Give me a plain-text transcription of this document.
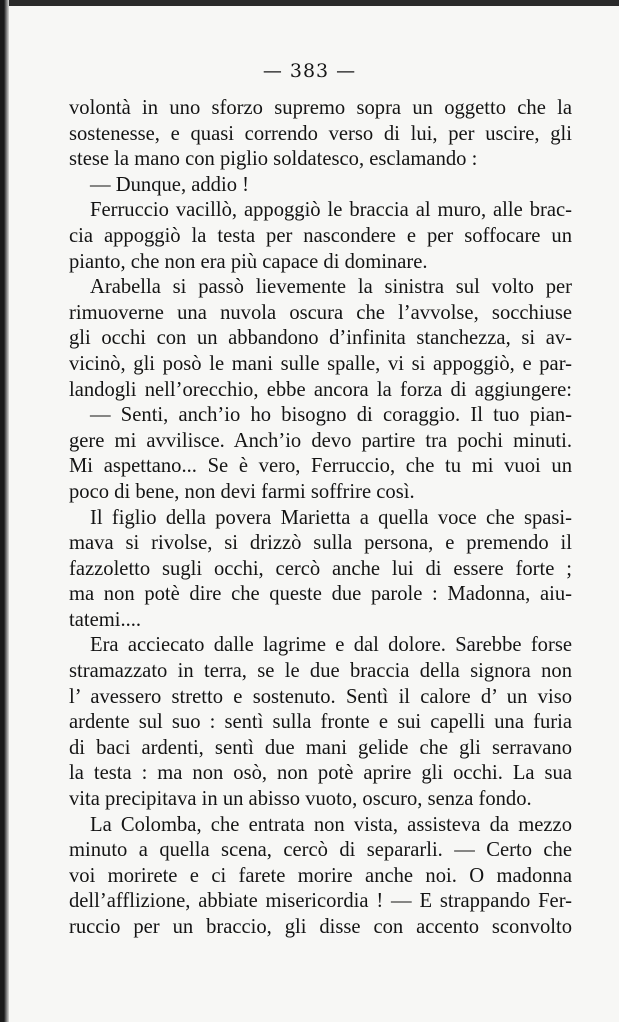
— 383 —
volontà in uno sforzo supremo sopra un oggetto che la
sostenesse, e quasi correndo verso di lui, per uscire, gli
stese la mano con piglio soldatesco, esclamando :
— Dunque, addio !
Ferruccio vacillò, appoggiò le braccia al muro, alle brac-
cia appoggiò la testa per nascondere e per soffocare un
pianto, che non era più capace di dominare.
Arabella si passò lievemente la sinistra sul volto per
rimuoverne una nuvola oscura che l’avvolse, socchiuse
gli occhi con un abbandono d’infinita stanchezza, si av-
vicinò, gli posò le mani sulle spalle, vi si appoggiò, e par-
landogli nell’orecchio, ebbe ancora la forza di aggiungere:
— Senti, anch’io ho bisogno di coraggio. Il tuo pian-
gere mi avvilisce. Anch’io devo partire tra pochi minuti.
Mi aspettano... Se è vero, Ferruccio, che tu mi vuoi un
poco di bene, non devi farmi soffrire così.
Il figlio della povera Marietta a quella voce che spasi-
mava si rivolse, si drizzò sulla persona, e premendo il
fazzoletto sugli occhi, cercò anche lui di essere forte ;
ma non potè dire che queste due parole : Madonna, aiu-
tatemi....
Era acciecato dalle lagrime e dal dolore. Sarebbe forse
stramazzato in terra, se le due braccia della signora non
l’ avessero stretto e sostenuto. Sentì il calore d’ un viso
ardente sul suo : sentì sulla fronte e sui capelli una furia
di baci ardenti, sentì due mani gelide che gli serravano
la testa : ma non osò, non potè aprire gli occhi. La sua
vita precipitava in un abisso vuoto, oscuro, senza fondo.
La Colomba, che entrata non vista, assisteva da mezzo
minuto a quella scena, cercò di separarli. — Certo che
voi morirete e ci farete morire anche noi. O madonna
dell’afflizione, abbiate misericordia ! — E strappando Fer-
ruccio per un braccio, gli disse con accento sconvolto
